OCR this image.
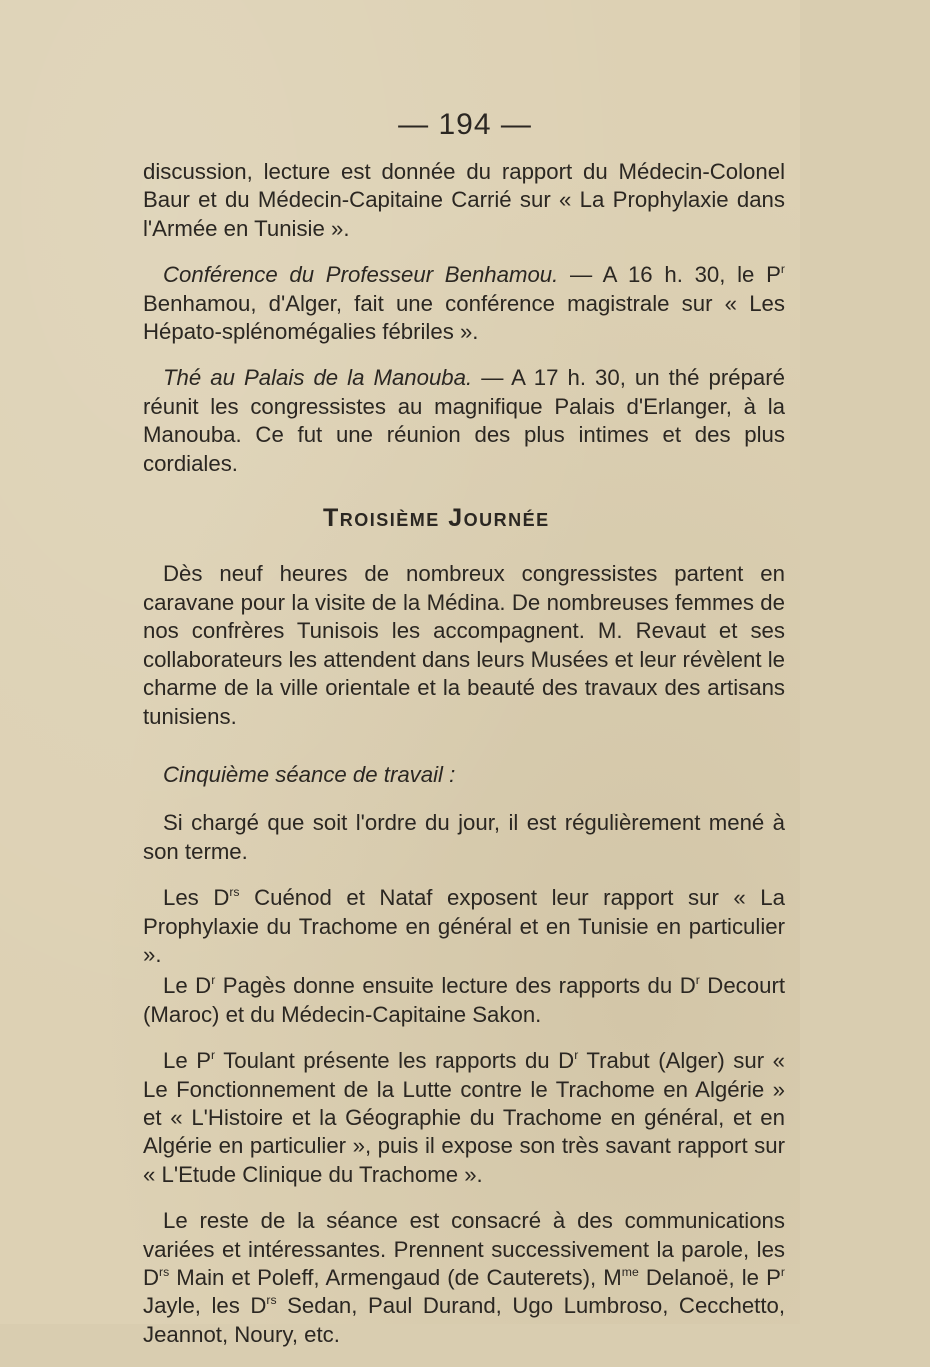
— 194 —

discussion, lecture est donnée du rapport du Médecin-Colonel Baur et du Médecin-Capitaine Carrié sur « La Prophylaxie dans l'Armée en Tunisie ».

Conférence du Professeur Benhamou. — A 16 h. 30, le $P^r$ Benhamou, d'Alger, fait une conférence magistrale sur « Les Hépato-splénomégalies fébriles ».

Thé au Palais de la Manouba. — A 17 h. 30, un thé préparé réunit les congressistes au magnifique Palais d'Erlanger, à la Manouba. Ce fut une réunion des plus intimes et des plus cordiales.

Troisième Journée

Dès neuf heures de nombreux congressistes partent en caravane pour la visite de la Médina. De nombreuses femmes de nos confrères Tunisois les accompagnent. M. Revaut et ses collaborateurs les attendent dans leurs Musées et leur révèlent le charme de la ville orientale et la beauté des travaux des artisans tunisiens.

Cinquième séance de travail :

Si chargé que soit l'ordre du jour, il est régulièrement mené à son terme.

Les $D^{rs}$ Cuénod et Nataf exposent leur rapport sur « La Prophylaxie du Trachome en général et en Tunisie en particulier ».

Le $D^r$ Pagès donne ensuite lecture des rapports du $D^r$ Decourt (Maroc) et du Médecin-Capitaine Sakon.

Le $P^r$ Toulant présente les rapports du $D^r$ Trabut (Alger) sur « Le Fonctionnement de la Lutte contre le Trachome en Algérie » et « L'Histoire et la Géographie du Trachome en général, et en Algérie en particulier », puis il expose son très savant rapport sur « L'Etude Clinique du Trachome ».

Le reste de la séance est consacré à des communications variées et intéressantes. Prennent successivement la parole, les $D^{rs}$ Main et Poleff, Armengaud (de Cauterets), $M^{me}$ Delanoë, le $P^r$ Jayle, les $D^{rs}$ Sedan, Paul Durand, Ugo Lumbroso, Cecchetto, Jeannot, Noury, etc.
